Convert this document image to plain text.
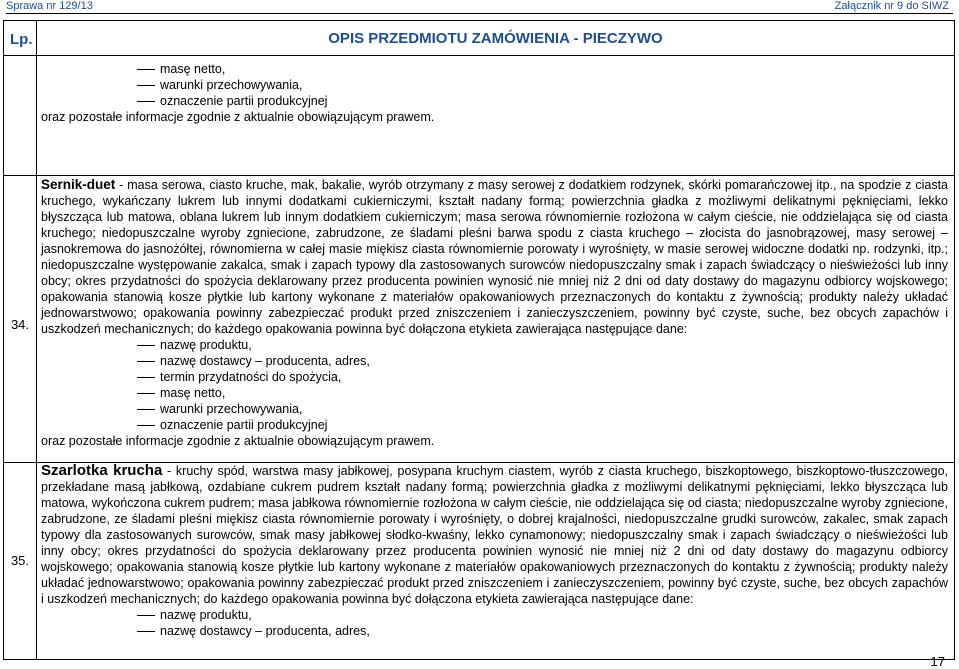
Sprawa nr 129/13	Załącznik nr 9 do SIWZ
Lp.	OPIS PRZEDMIOTU ZAMÓWIENIA - PIECZYWO

masę netto,

warunki przechowywania,

oznaczenie partii produkcyjnej

oraz pozostałe informacje zgodnie z aktualnie obowiązującym prawem.

34.

Sernik-duet - masa serowa, ciasto kruche, mak, bakalie, wyrób otrzymany z masy serowej z dodatkiem rodzynek, skórki pomarańczowej itp., na spodzie z ciasta kruchego, wykańczany lukrem lub innymi dodatkami cukierniczymi, kształt nadany formą; powierzchnia gładka z możliwymi delikatnymi pęknięciami, lekko błyszcząca lub matowa, oblana lukrem lub innym dodatkiem cukierniczym; masa serowa równomiernie rozłożona w całym cieście, nie oddzielająca się od ciasta kruchego; niedopuszczalne wyroby zgniecione, zabrudzone, ze śladami pleśni barwa spodu z ciasta kruchego – złocista do jasnobrązowej, masy serowej – jasnokremowa do jasnożółtej, równomierna w całej masie miękisz ciasta równomiernie porowaty i wyrośnięty, w masie serowej widoczne dodatki np. rodzynki, itp.; niedopuszczalne występowanie zakalca, smak i zapach typowy dla zastosowanych surowców niedopuszczalny smak i zapach świadczący o nieświeżości lub inny obcy; okres przydatności do spożycia deklarowany przez producenta powinien wynosić nie mniej niż 2 dni od daty dostawy do magazynu odbiorcy wojskowego; opakowania stanowią kosze płytkie lub kartony wykonane z materiałów opakowaniowych przeznaczonych do kontaktu z żywnością; produkty należy układać jednowarstwowo; opakowania powinny zabezpieczać produkt przed zniszczeniem i zanieczyszczeniem, powinny być czyste, suche, bez obcych zapachów i uszkodzeń mechanicznych; do każdego opakowania powinna być dołączona etykieta zawierająca następujące dane:

nazwę produktu,

nazwę dostawcy – producenta, adres,

termin przydatności do spożycia,

masę netto,

warunki przechowywania,

oznaczenie partii produkcyjnej

oraz pozostałe informacje zgodnie z aktualnie obowiązującym prawem.

35.

Szarlotka krucha - kruchy spód, warstwa masy jabłkowej, posypana kruchym ciastem, wyrób z ciasta kruchego, biszkoptowego, biszkoptowo-tłuszczowego, przekładane masą jabłkową, ozdabiane cukrem pudrem kształt nadany formą; powierzchnia gładka z możliwymi delikatnymi pęknięciami, lekko błyszcząca lub matowa, wykończona cukrem pudrem; masa jabłkowa równomiernie rozłożona w całym cieście, nie oddzielająca się od ciasta; niedopuszczalne wyroby zgniecione, zabrudzone, ze śladami pleśni miękisz ciasta równomiernie porowaty i wyrośnięty, o dobrej krajalności, niedopuszczalne grudki surowców, zakalec, smak zapach typowy dla zastosowanych surowców, smak masy jabłkowej słodko-kwaśny, lekko cynamonowy; niedopuszczalny smak i zapach świadczący o nieświeżości lub inny obcy; okres przydatności do spożycia deklarowany przez producenta powinien wynosić nie mniej niż 2 dni od daty dostawy do magazynu odbiorcy wojskowego; opakowania stanowią kosze płytkie lub kartony wykonane z materiałów opakowaniowych przeznaczonych do kontaktu z żywnością; produkty należy układać jednowarstwowo; opakowania powinny zabezpieczać produkt przed zniszczeniem i zanieczyszczeniem, powinny być czyste, suche, bez obcych zapachów i uszkodzeń mechanicznych; do każdego opakowania powinna być dołączona etykieta zawierająca następujące dane:

nazwę produktu,

nazwę dostawcy – producenta, adres,

17
